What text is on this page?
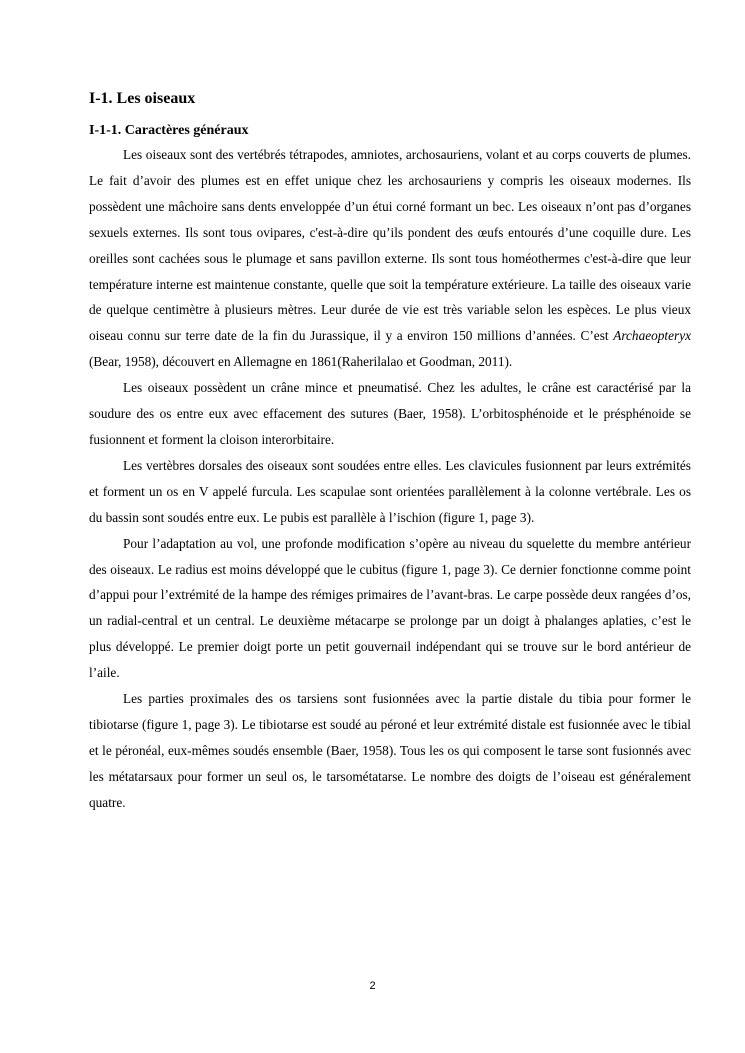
I-1. Les oiseaux
I-1-1. Caractères généraux

Les oiseaux sont des vertébrés tétrapodes, amniotes, archosauriens, volant et au corps couverts de plumes. Le fait d’avoir des plumes est en effet unique chez les archosauriens y compris les oiseaux modernes. Ils possèdent une mâchoire sans dents enveloppée d’un étui corné formant un bec. Les oiseaux n’ont pas d’organes sexuels externes. Ils sont tous ovipares, c'est-à-dire qu’ils pondent des œufs entourés d’une coquille dure. Les oreilles sont cachées sous le plumage et sans pavillon externe. Ils sont tous homéothermes c'est-à-dire que leur température interne est maintenue constante, quelle que soit la température extérieure. La taille des oiseaux varie de quelque centimètre à plusieurs mètres. Leur durée de vie est très variable selon les espèces. Le plus vieux oiseau connu sur terre date de la fin du Jurassique, il y a environ 150 millions d’années. C’est Archaeopteryx (Bear, 1958), découvert en Allemagne en 1861(Raherilalao et Goodman, 2011).

Les oiseaux possèdent un crâne mince et pneumatisé. Chez les adultes, le crâne est caractérisé par la soudure des os entre eux avec effacement des sutures (Baer, 1958). L’orbitosphénoide et le présphénoide se fusionnent et forment la cloison interorbitaire.

Les vertèbres dorsales des oiseaux sont soudées entre elles. Les clavicules fusionnent par leurs extrémités et forment un os en V appelé furcula. Les scapulae sont orientées parallèlement à la colonne vertébrale. Les os du bassin sont soudés entre eux. Le pubis est parallèle à l’ischion (figure 1, page 3).

Pour l’adaptation au vol, une profonde modification s’opère au niveau du squelette du membre antérieur des oiseaux. Le radius est moins développé que le cubitus (figure 1, page 3). Ce dernier fonctionne comme point d’appui pour l’extrémité de la hampe des rémiges primaires de l’avant-bras. Le carpe possède deux rangées d’os, un radial-central et un central. Le deuxième métacarpe se prolonge par un doigt à phalanges aplaties, c’est le plus développé. Le premier doigt porte un petit gouvernail indépendant qui se trouve sur le bord antérieur de l’aile.

Les parties proximales des os tarsiens sont fusionnées avec la partie distale du tibia pour former le tibiotarse (figure 1, page 3). Le tibiotarse est soudé au péroné et leur extrémité distale est fusionnée avec le tibial et le péronéal, eux-mêmes soudés ensemble (Baer, 1958). Tous les os qui composent le tarse sont fusionnés avec les métatarsaux pour former un seul os, le tarsométatarse. Le nombre des doigts de l’oiseau est généralement quatre.

2
